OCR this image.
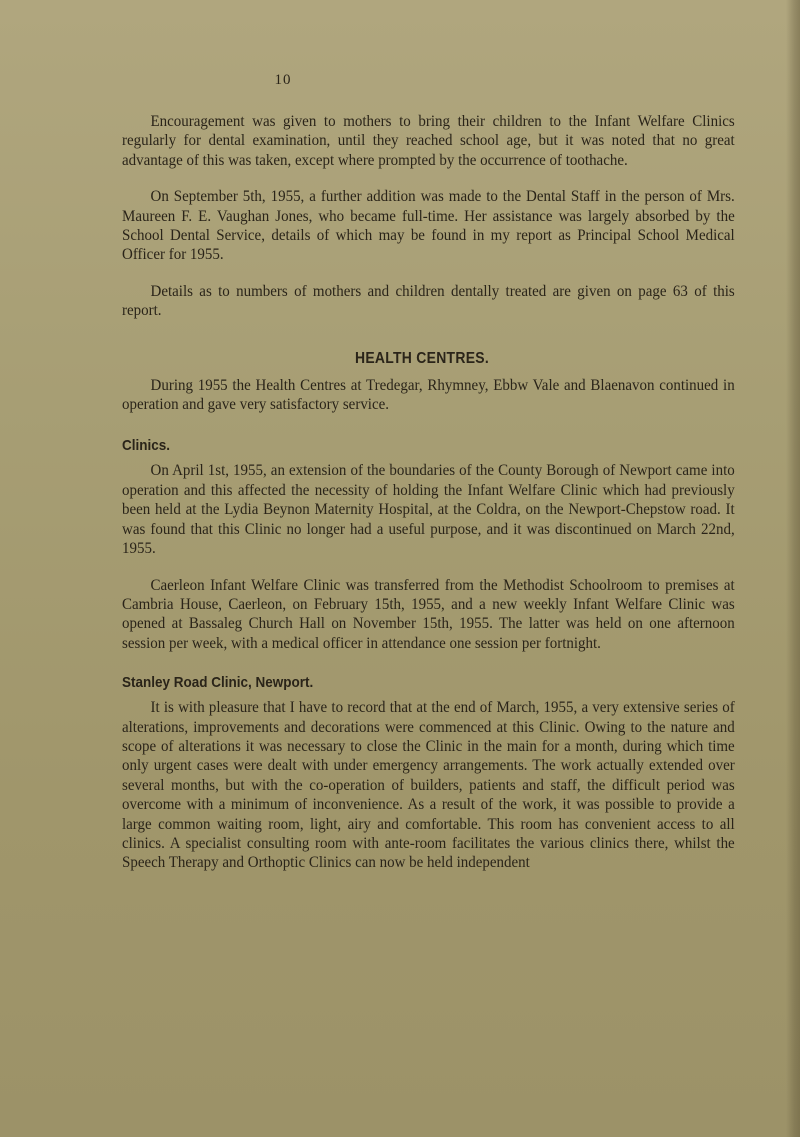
10

Encouragement was given to mothers to bring their children to the Infant Welfare Clinics regularly for dental examination, until they reached school age, but it was noted that no great advantage of this was taken, except where prompted by the occurrence of toothache.

On September 5th, 1955, a further addition was made to the Dental Staff in the person of Mrs. Maureen F. E. Vaughan Jones, who became full-time. Her assistance was largely absorbed by the School Dental Service, details of which may be found in my report as Principal School Medical Officer for 1955.

Details as to numbers of mothers and children dentally treated are given on page 63 of this report.

HEALTH CENTRES.

During 1955 the Health Centres at Tredegar, Rhymney, Ebbw Vale and Blaenavon continued in operation and gave very satisfactory service.

Clinics.

On April 1st, 1955, an extension of the boundaries of the County Borough of Newport came into operation and this affected the necessity of holding the Infant Welfare Clinic which had previously been held at the Lydia Beynon Maternity Hospital, at the Coldra, on the Newport-Chepstow road. It was found that this Clinic no longer had a useful purpose, and it was discontinued on March 22nd, 1955.

Caerleon Infant Welfare Clinic was transferred from the Methodist Schoolroom to premises at Cambria House, Caerleon, on February 15th, 1955, and a new weekly Infant Welfare Clinic was opened at Bassaleg Church Hall on November 15th, 1955. The latter was held on one afternoon session per week, with a medical officer in attendance one session per fortnight.

Stanley Road Clinic, Newport.

It is with pleasure that I have to record that at the end of March, 1955, a very extensive series of alterations, improvements and decorations were commenced at this Clinic. Owing to the nature and scope of alterations it was necessary to close the Clinic in the main for a month, during which time only urgent cases were dealt with under emergency arrangements. The work actually extended over several months, but with the co-operation of builders, patients and staff, the difficult period was overcome with a minimum of inconvenience. As a result of the work, it was possible to provide a large common waiting room, light, airy and comfortable. This room has convenient access to all clinics. A specialist consulting room with ante-room facilitates the various clinics there, whilst the Speech Therapy and Orthoptic Clinics can now be held independent
